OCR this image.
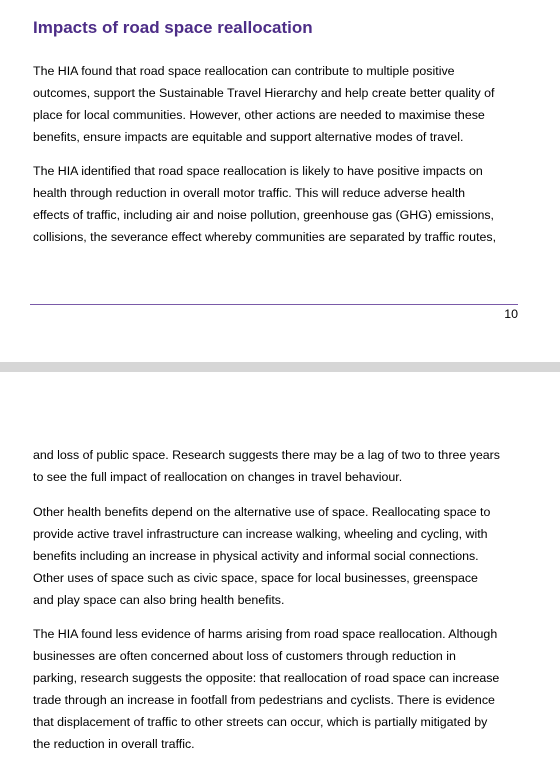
Impacts of road space reallocation

The HIA found that road space reallocation can contribute to multiple positive
outcomes, support the Sustainable Travel Hierarchy and help create better quality of
place for local communities. However, other actions are needed to maximise these
benefits, ensure impacts are equitable and support alternative modes of travel.

The HIA identified that road space reallocation is likely to have positive impacts on
health through reduction in overall motor traffic. This will reduce adverse health
effects of traffic, including air and noise pollution, greenhouse gas (GHG) emissions,
collisions, the severance effect whereby communities are separated by traffic routes,

10

and loss of public space. Research suggests there may be a lag of two to three years
to see the full impact of reallocation on changes in travel behaviour.

Other health benefits depend on the alternative use of space. Reallocating space to
provide active travel infrastructure can increase walking, wheeling and cycling, with
benefits including an increase in physical activity and informal social connections.
Other uses of space such as civic space, space for local businesses, greenspace
and play space can also bring health benefits.

The HIA found less evidence of harms arising from road space reallocation. Although
businesses are often concerned about loss of customers through reduction in
parking, research suggests the opposite: that reallocation of road space can increase
trade through an increase in footfall from pedestrians and cyclists. There is evidence
that displacement of traffic to other streets can occur, which is partially mitigated by
the reduction in overall traffic.
